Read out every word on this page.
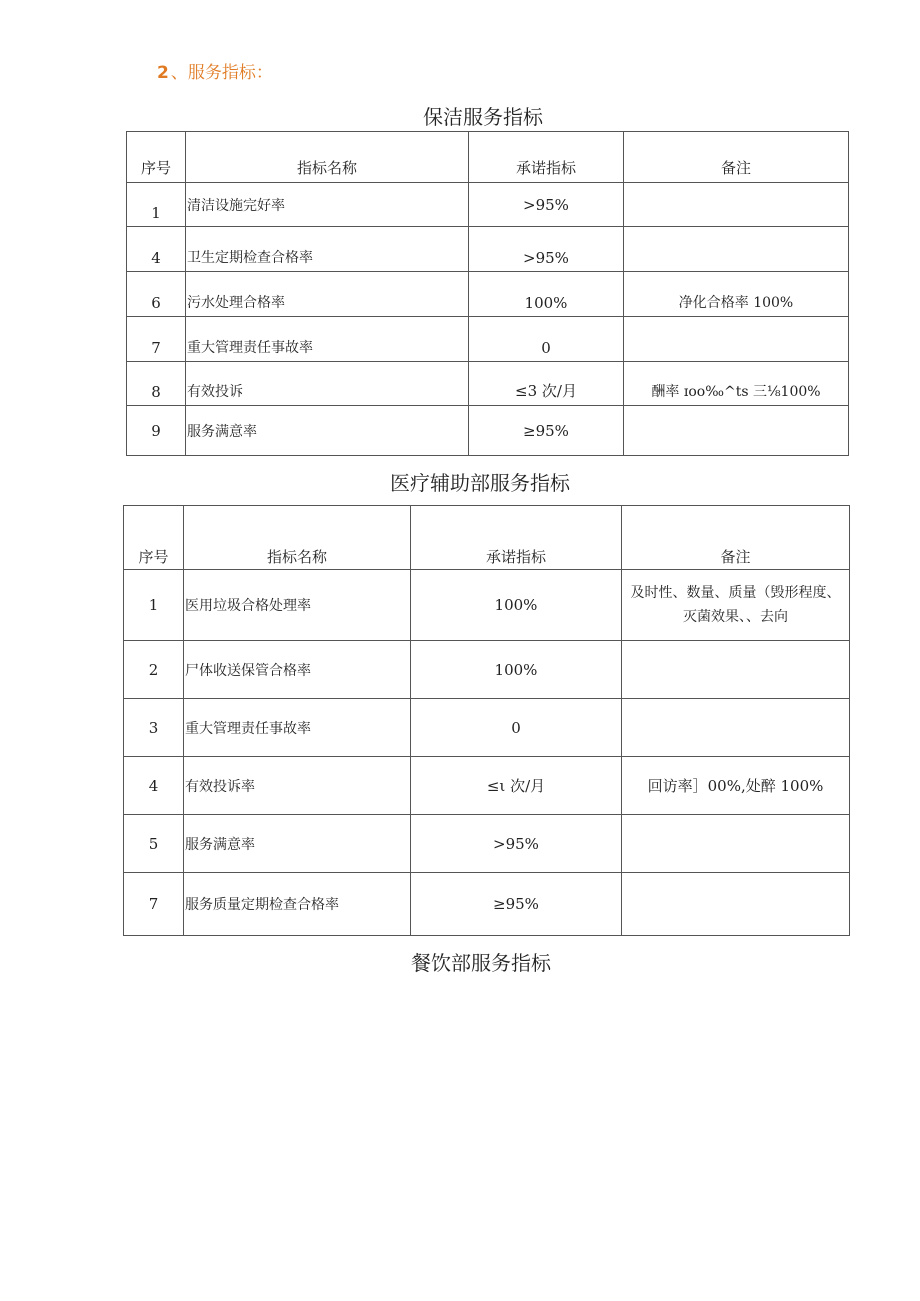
2 、服务指标：
保洁服务指标
序号	指标名称	承诺指标	备注
1	清洁设施完好率	>95%	
4	卫生定期检查合格率	>95%	
6	污水处理合格率	100%	净化合格率 100%
7	重大管理责任事故率	0	
8	有效投诉	≤3 次/月	酬率 ɪoo‰^ts 三⅛100%
9	服务满意率	≥95%	
医疗辅助部服务指标
序号	指标名称	承诺指标	备注
1	医用垃圾合格处理率	100%	及时性、数量、质量（毁形程度、灭菌效果、、去向
2	尸体收送保管合格率	100%	
3	重大管理责任事故率	0	
4	有效投诉率	≤ι 次/月	回访率］00%,处醉 100%
5	服务满意率	>95%	
7	服务质量定期检查合格率	≥95%	
餐饮部服务指标
